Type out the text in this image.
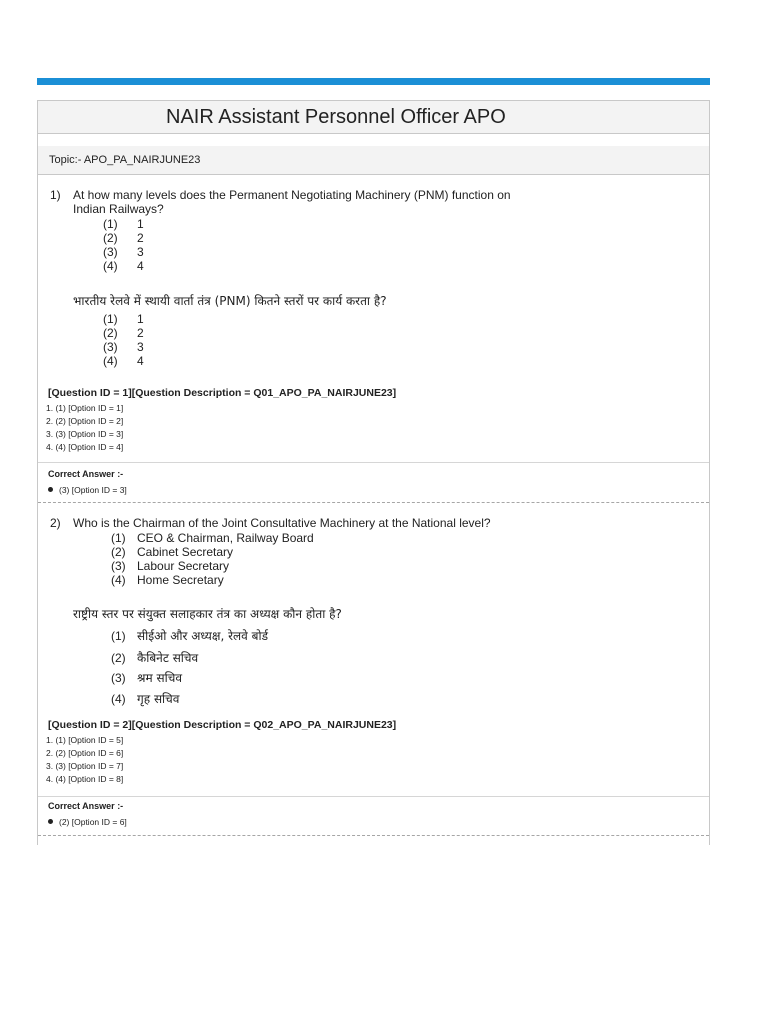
NAIR Assistant Personnel Officer APO
Topic:- APO_PA_NAIRJUNE23
1) At how many levels does the Permanent Negotiating Machinery (PNM) function on
Indian Railways?
(1) 1
(2) 2
(3) 3
(4) 4
भारतीय रेलवे में स्थायी वार्ता तंत्र (PNM) कितने स्तरों पर कार्य करता है?
(1) 1
(2) 2
(3) 3
(4) 4
[Question ID = 1][Question Description = Q01_APO_PA_NAIRJUNE23]
1. (1) [Option ID = 1]
2. (2) [Option ID = 2]
3. (3) [Option ID = 3]
4. (4) [Option ID = 4]
Correct Answer :-
(3) [Option ID = 3]
2) Who is the Chairman of the Joint Consultative Machinery at the National level?
(1) CEO & Chairman, Railway Board
(2) Cabinet Secretary
(3) Labour Secretary
(4) Home Secretary
राष्ट्रीय स्तर पर संयुक्त सलाहकार तंत्र का अध्यक्ष कौन होता है?
(1) सीईओ और अध्यक्ष, रेलवे बोर्ड
(2) कैबिनेट सचिव
(3) श्रम सचिव
(4) गृह सचिव
[Question ID = 2][Question Description = Q02_APO_PA_NAIRJUNE23]
1. (1) [Option ID = 5]
2. (2) [Option ID = 6]
3. (3) [Option ID = 7]
4. (4) [Option ID = 8]
Correct Answer :-
(2) [Option ID = 6]
